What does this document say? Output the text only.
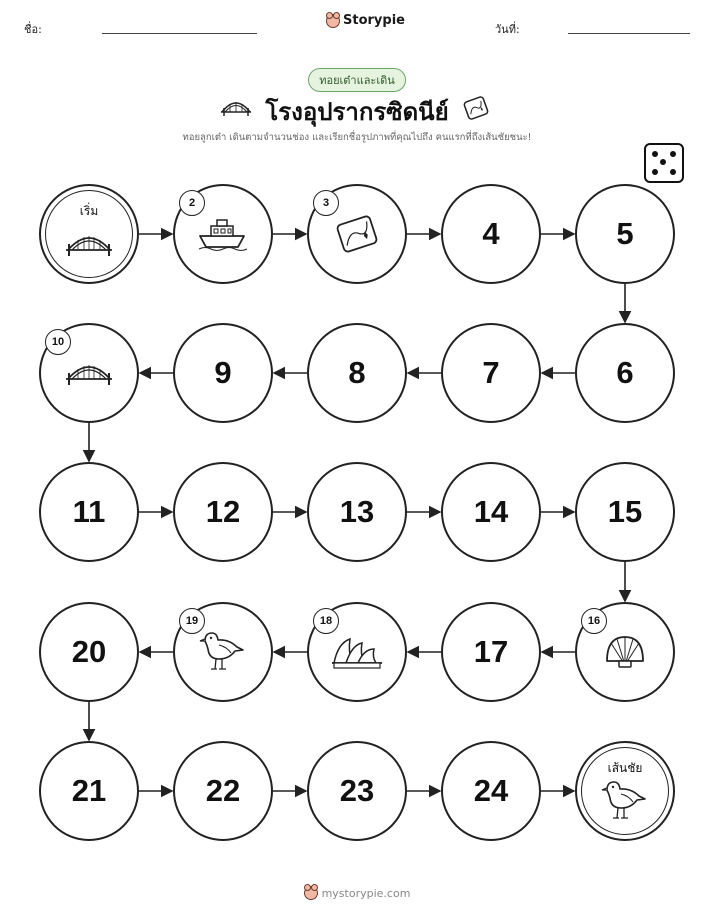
ชื่อ:
Storypie
วันที่:
ทอยเต๋าและเดิน
โรงอุปรากรซิดนีย์
ทอยลูกเต๋า เดินตามจำนวนช่อง และเรียกชื่อรูปภาพที่คุณไปถึง คนแรกที่ถึงเส้นชัยชนะ!
เริ่ม
2	3
4	5
6
7
8
9
10
11	12	13	14	15
16
17
18
19
20
21	22	23	24
เส้นชัย
mystorypie.com
